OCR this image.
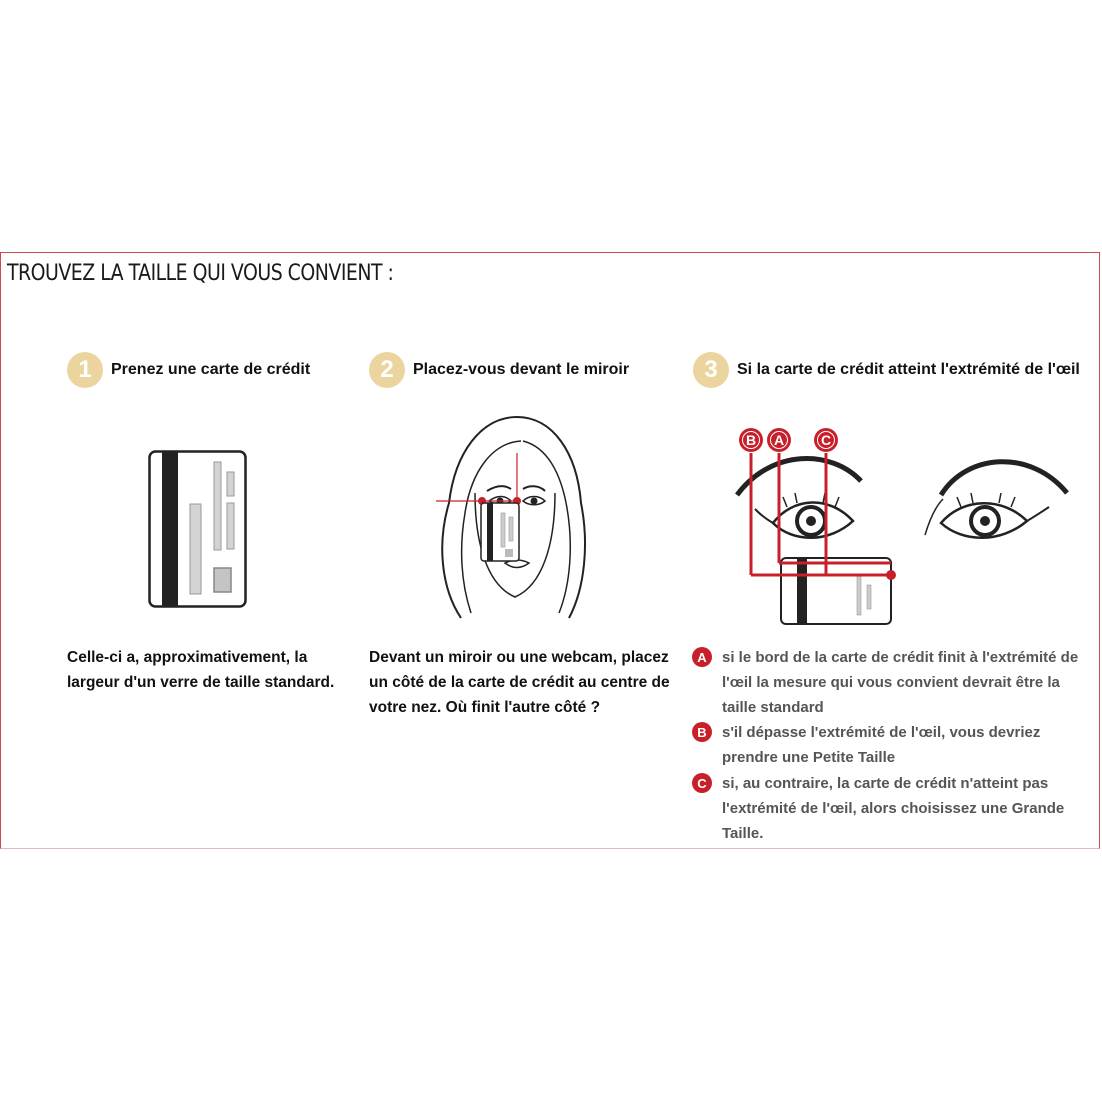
TROUVEZ LA TAILLE QUI VOUS CONVIENT :
1	Prenez une carte de crédit	2	Placez-vous devant le miroir	3	Si la carte de crédit atteint l'extrémité de l'œil
B A	C
Celle-ci a, approximativement, la largeur d'un verre de taille standard.
Devant un miroir ou une webcam, placez un côté de la carte de crédit au centre de votre nez. Où finit l'autre côté ?
A	si le bord de la carte de crédit finit à l'extrémité de l'œil la mesure qui vous convient devrait être la taille standard
B	s'il dépasse l'extrémité de l'œil, vous devriez prendre une Petite Taille
C	si, au contraire, la carte de crédit n'atteint pas l'extrémité de l'œil, alors choisissez une Grande Taille.
